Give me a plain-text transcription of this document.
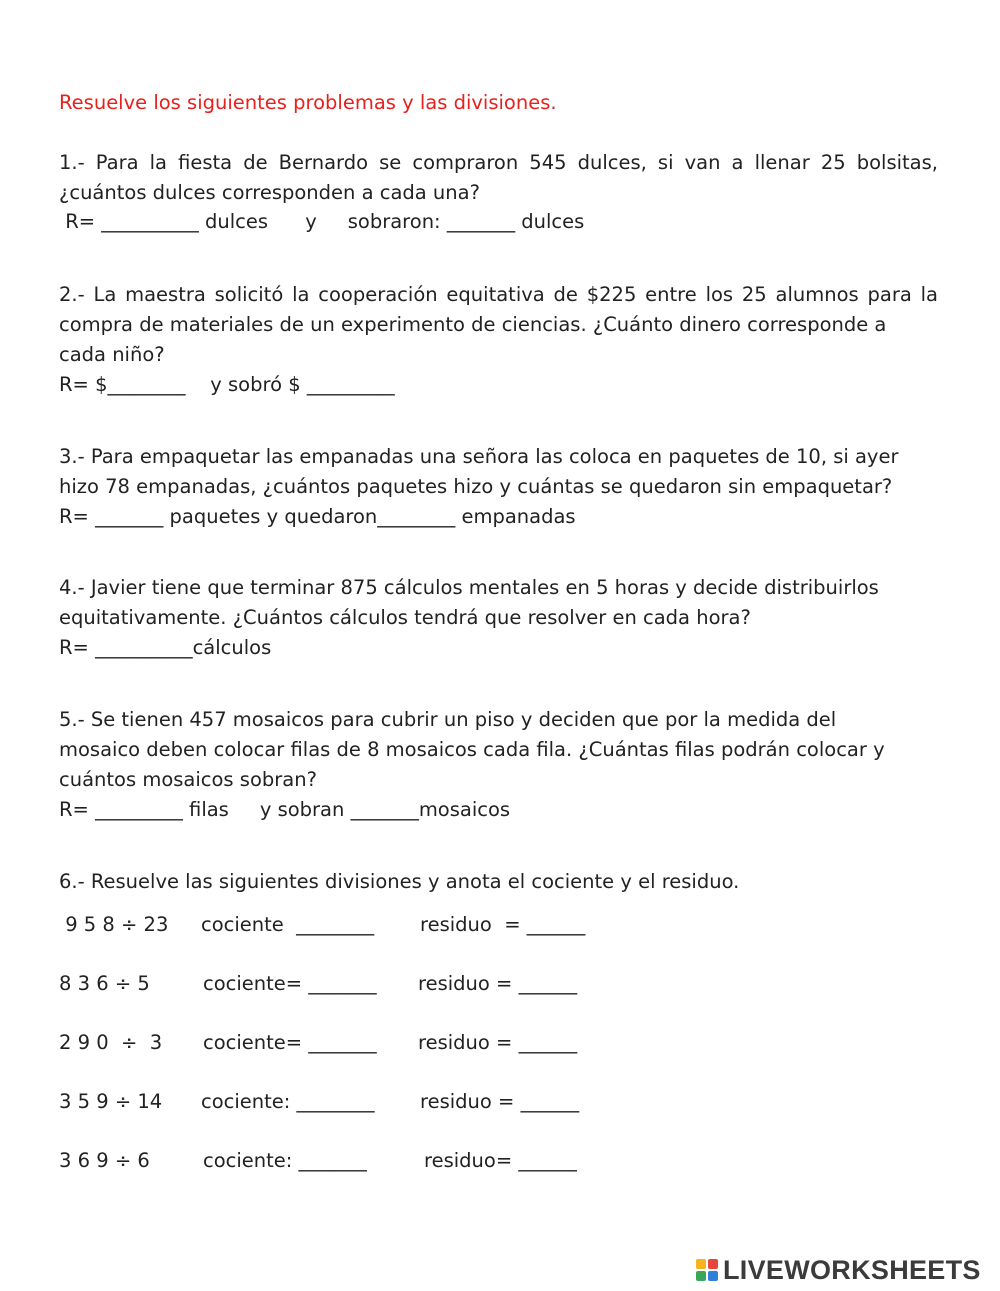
Resuelve los siguientes problemas y las divisiones.

1.- Para la fiesta de Bernardo se compraron 545 dulces, si van a llenar 25 bolsitas,

¿cuántos dulces corresponden a cada una?

R= __________ dulces      y     sobraron: _______ dulces

2.- La maestra solicitó la cooperación equitativa de $225 entre los 25 alumnos para la

compra de materiales de un experimento de ciencias. ¿Cuánto dinero corresponde a

cada niño?

R= $________    y sobró $ _________

3.- Para empaquetar las empanadas una señora las coloca en paquetes de 10, si ayer

hizo 78 empanadas, ¿cuántos paquetes hizo y cuántas se quedaron sin empaquetar?

R= _______ paquetes y quedaron________ empanadas

4.- Javier tiene que terminar 875 cálculos mentales en 5 horas y decide distribuirlos

equitativamente. ¿Cuántos cálculos tendrá que resolver en cada hora?

R= __________cálculos

5.- Se tienen 457 mosaicos para cubrir un piso y deciden que por la medida del

mosaico deben colocar filas de 8 mosaicos cada fila. ¿Cuántas filas podrán colocar y

cuántos mosaicos sobran?

R= _________ filas     y sobran _______mosaicos

6.- Resuelve las siguientes divisiones y anota el cociente y el residuo.

9 5 8 ÷ 23 cociente  ________ residuo  = ______
8 3 6 ÷ 5	cociente= _______ residuo = ______
2 9 0  ÷  3 cociente= _______ residuo = ______
3 5 9 ÷ 14 cociente: ________ residuo = ______
3 6 9 ÷ 6	cociente: _______	residuo= ______
LIVEWORKSHEETS
